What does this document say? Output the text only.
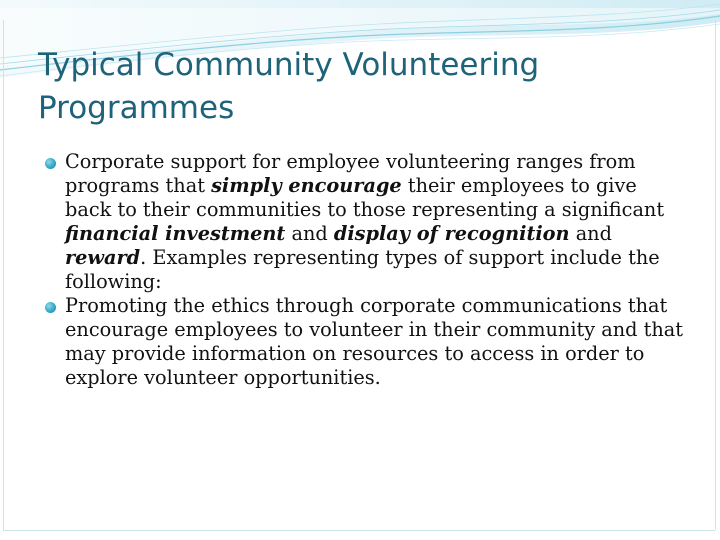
Typical Community Volunteering Programmes
Corporate support for employee volunteering ranges from programs that simply encourage their employees to give back to their communities to those representing a significant financial investment and display of recognition and reward. Examples representing types of support include the following:
Promoting the ethics through corporate communications that encourage employees to volunteer in their community and that may provide information on resources to access in order to explore volunteer opportunities.
